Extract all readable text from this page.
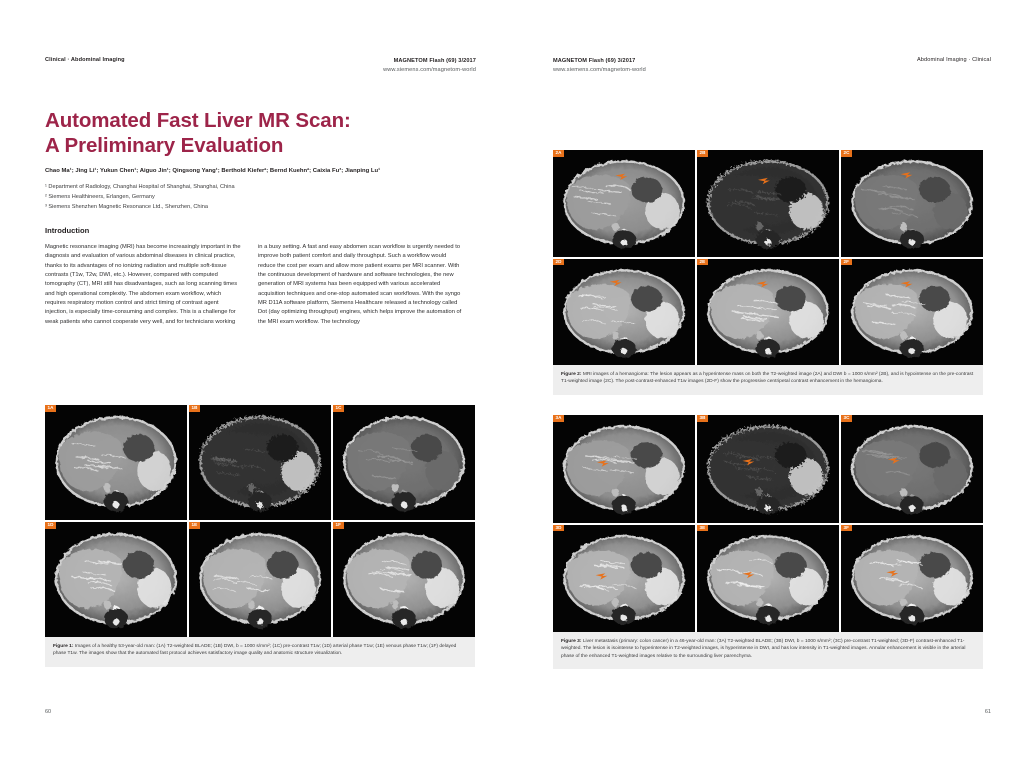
Clinical · Abdominal Imaging	MAGNETOM Flash (69) 3/2017
www.siemens.com/magnetom-world
Automated Fast Liver MR Scan:
A Preliminary Evaluation
Chao Ma¹; Jing Li¹; Yukun Chen¹; Aiguo Jin¹; Qingsong Yang¹; Berthold Kiefer²; Bernd Kuehn²; Caixia Fu³; Jianping Lu¹
¹ Department of Radiology, Changhai Hospital of Shanghai, Shanghai, China
² Siemens Healthineers, Erlangen, Germany
³ Siemens Shenzhen Magnetic Resonance Ltd., Shenzhen, China
Introduction

Magnetic resonance imaging (MRI) has become increasingly important in the diagnosis and evaluation of various abdominal diseases in clinical practice, thanks to its advantages of no ionizing radiation and multiple soft-tissue contrasts (T1w, T2w, DWI, etc.). However, compared with computed tomography (CT), MRI still has disadvantages, such as long scanning times and high operational complexity. The abdomen exam workflow, which requires respiratory motion control and strict timing of contrast agent injection, is especially time-consuming and complex. This is a challenge for weak patients who cannot cooperate very well, and for technicians working

in a busy setting. A fast and easy abdomen scan workflow is urgently needed to improve both patient comfort and daily throughput. Such a workflow would reduce the cost per exam and allow more patient exams per MRI scanner. With the continuous development of hardware and software technologies, the new generation of MRI systems has been equipped with various accelerated acquisition techniques and one-stop automated scan workflows. With the syngo MR D11A software platform, Siemens Healthcare released a technology called Dot (day optimizing throughput) engines, which helps improve the automation of the MRI exam workflow. The technology

1A	1B	1C
1D	1E	1F
Figure 1: Images of a healthy 53-year-old man: (1A) T2-weighted BLADE; (1B) DWI, b = 1000 s/mm²; (1C) pre-contrast T1w; (1D) arterial phase T1w; (1E) venous phase T1w; (1F) delayed phase T1w. The images show that the automated fast protocol achieves satisfactory image quality and anatomic structure visualization.
60
MAGNETOM Flash (69) 3/2017
www.siemens.com/magnetom-world
Abdominal Imaging · Clinical
2A	2B	2C
2D	2E	2F
Figure 2: MRI images of a hemangioma: The lesion appears as a hyperintense mass on both the T2-weighted image (2A) and DWI b = 1000 s/mm² (2B), and is hypointense on the pre-contrast T1-weighted image (2C). The post-contrast-enhanced T1w images (2D-F) show the progressive centripetal contrast enhancement in the hemangioma.
3A	3B	3C
3D	3E	3F
Figure 3: Liver metastasis (primary: colon cancer) in a 46-year-old man: (3A) T2-weighted BLADE; (3B) DWI, b = 1000 s/mm²; (3C) pre-contrast T1-weighted; (3D-F) contrast-enhanced T1-weighted. The lesion is isointense to hyperintense in T2-weighted images, is hyperintense in DWI, and has low intensity in T1-weighted images. Annular enhancement is visible in the arterial phase of the enhanced T1-weighted images relative to the surrounding liver parenchyma.
61
